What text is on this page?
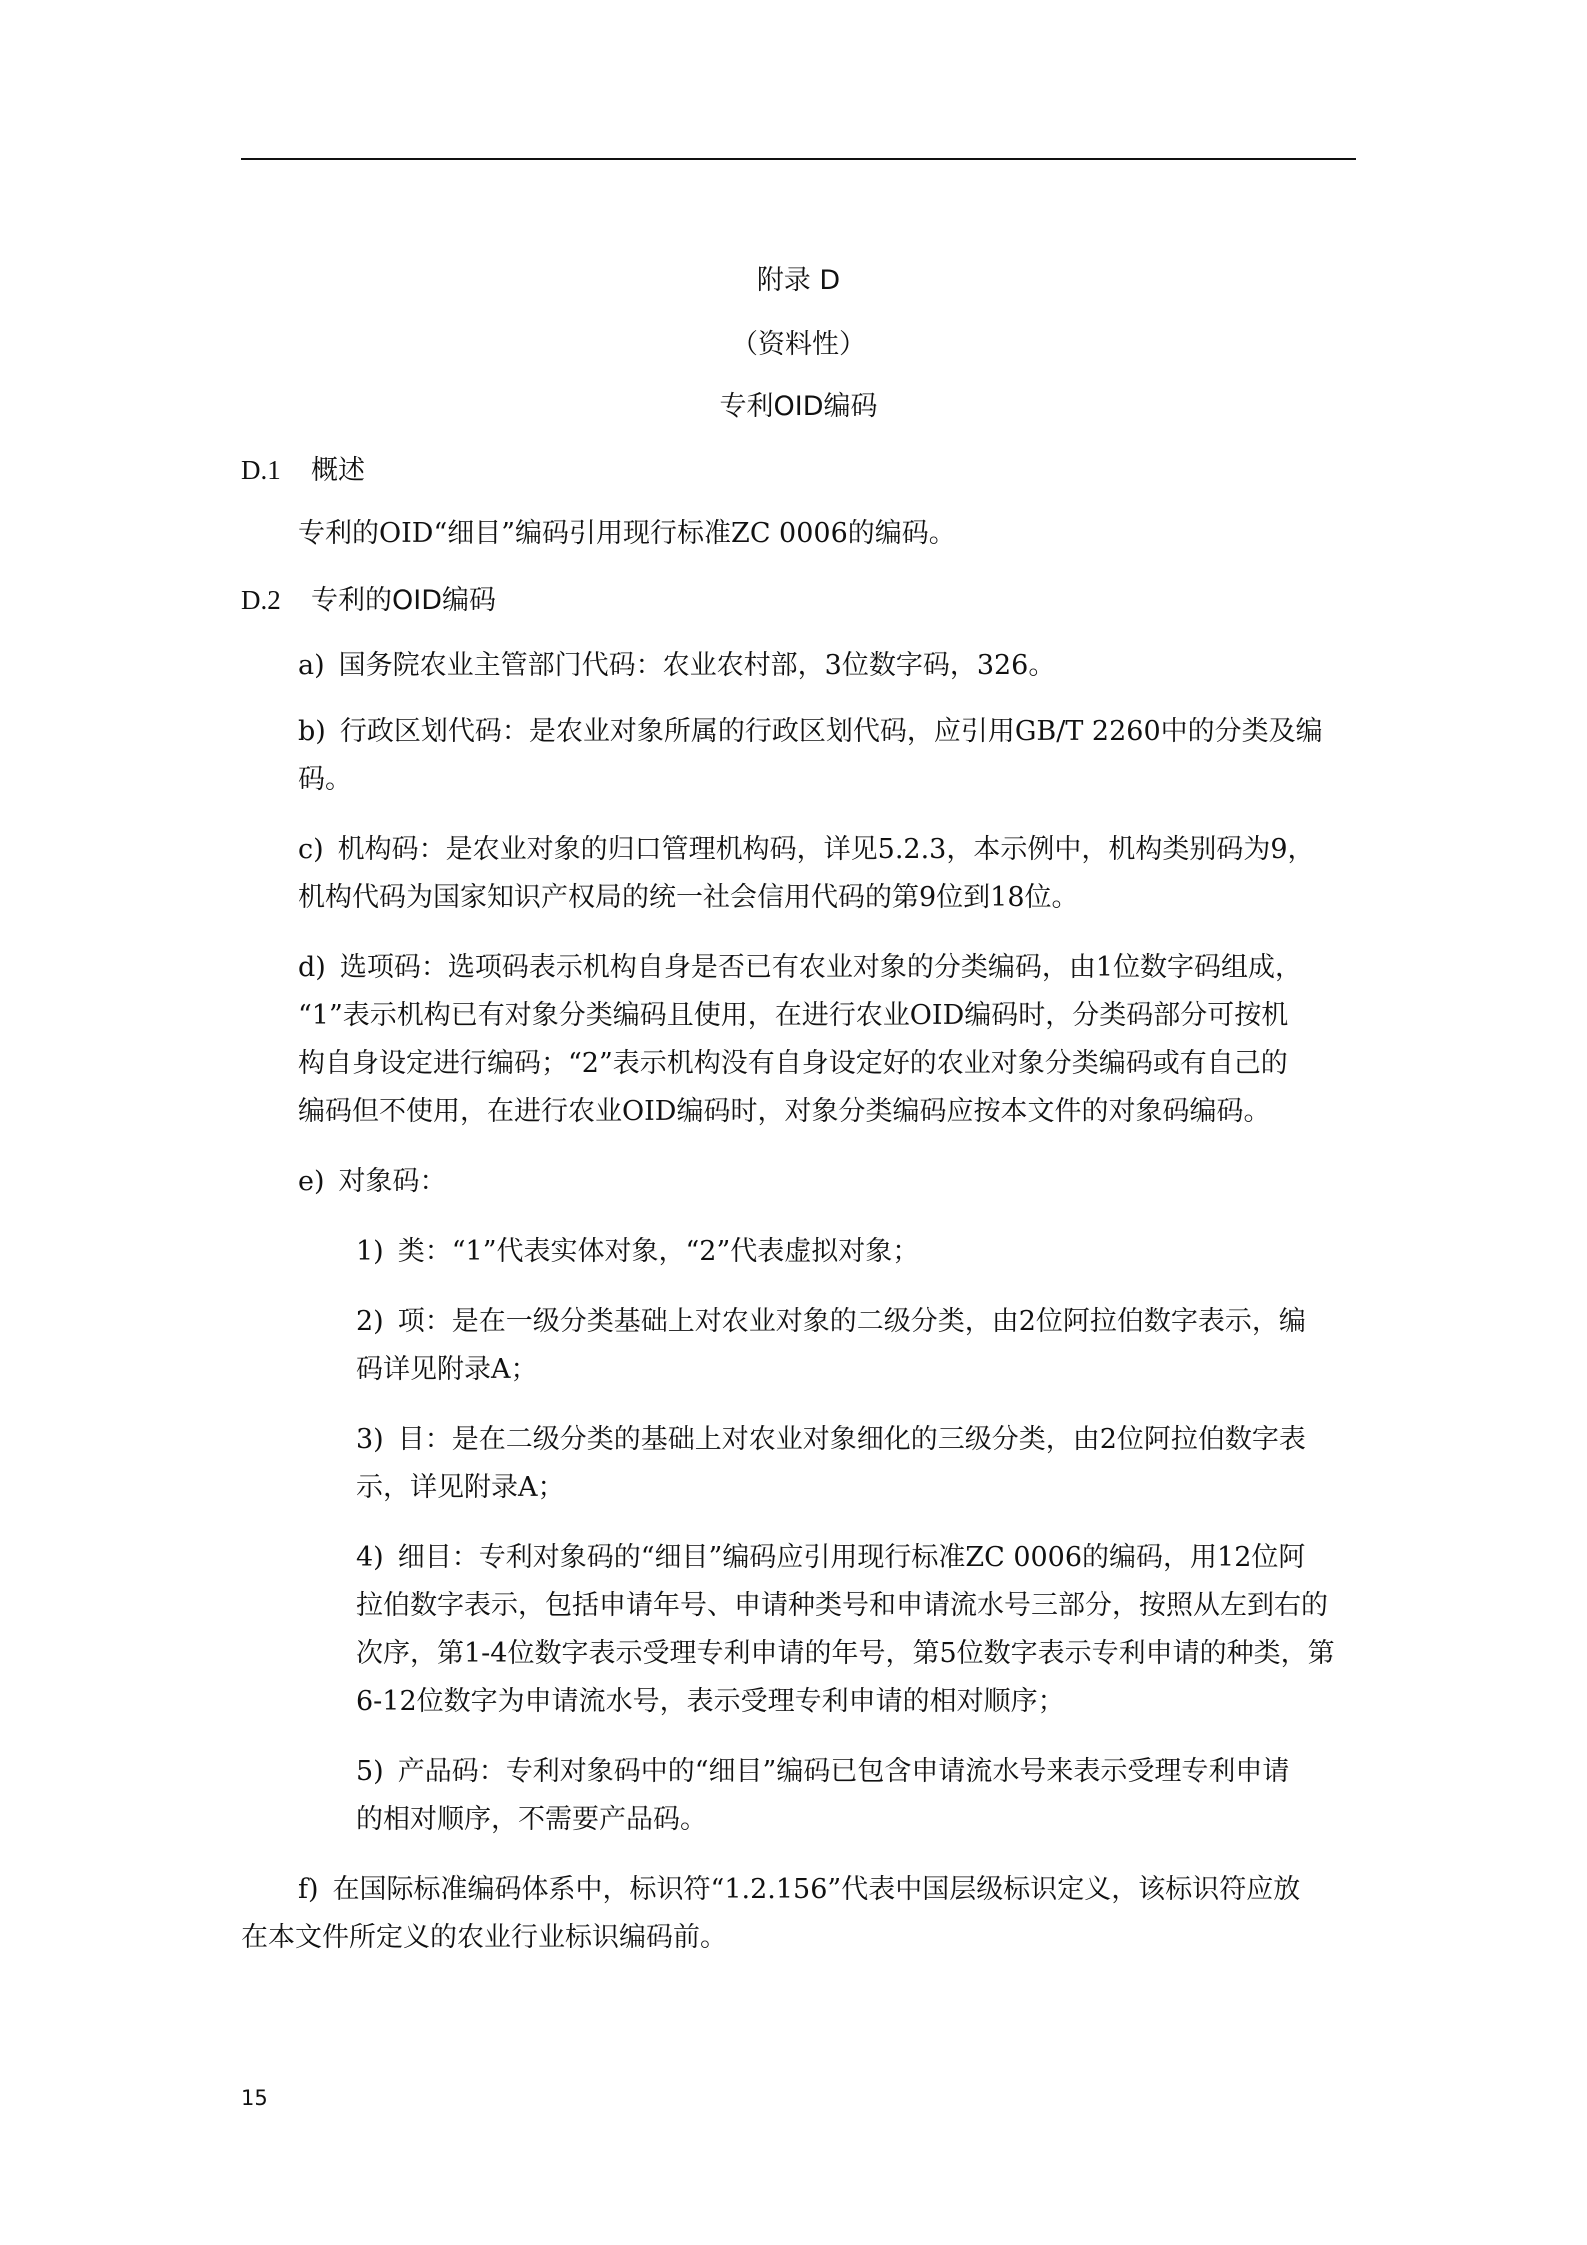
附录 D
（资料性）
专利OID编码
D.1 概述
专利的OID“细目”编码引用现行标准ZC 0006的编码。
D.2 专利的OID编码
a) 国务院农业主管部门代码：农业农村部，3位数字码，326。
b) 行政区划代码：是农业对象所属的行政区划代码，应引用GB/T 2260中的分类及编
码。
c) 机构码：是农业对象的归口管理机构码，详见5.2.3，本示例中，机构类别码为9，
机构代码为国家知识产权局的统一社会信用代码的第9位到18位。
d) 选项码：选项码表示机构自身是否已有农业对象的分类编码，由1位数字码组成，
“1”表示机构已有对象分类编码且使用，在进行农业OID编码时，分类码部分可按机
构自身设定进行编码；“2”表示机构没有自身设定好的农业对象分类编码或有自己的
编码但不使用，在进行农业OID编码时，对象分类编码应按本文件的对象码编码。
e) 对象码：
1) 类：“1”代表实体对象，“2”代表虚拟对象；
2) 项：是在一级分类基础上对农业对象的二级分类，由2位阿拉伯数字表示，编
码详见附录A；
3) 目：是在二级分类的基础上对农业对象细化的三级分类，由2位阿拉伯数字表
示，详见附录A；
4) 细目：专利对象码的“细目”编码应引用现行标准ZC 0006的编码，用12位阿
拉伯数字表示，包括申请年号、申请种类号和申请流水号三部分，按照从左到右的
次序，第1-4位数字表示受理专利申请的年号，第5位数字表示专利申请的种类，第
6-12位数字为申请流水号，表示受理专利申请的相对顺序；
5) 产品码：专利对象码中的“细目”编码已包含申请流水号来表示受理专利申请
的相对顺序，不需要产品码。
f) 在国际标准编码体系中，标识符“1.2.156”代表中国层级标识定义，该标识符应放
在本文件所定义的农业行业标识编码前。
15
